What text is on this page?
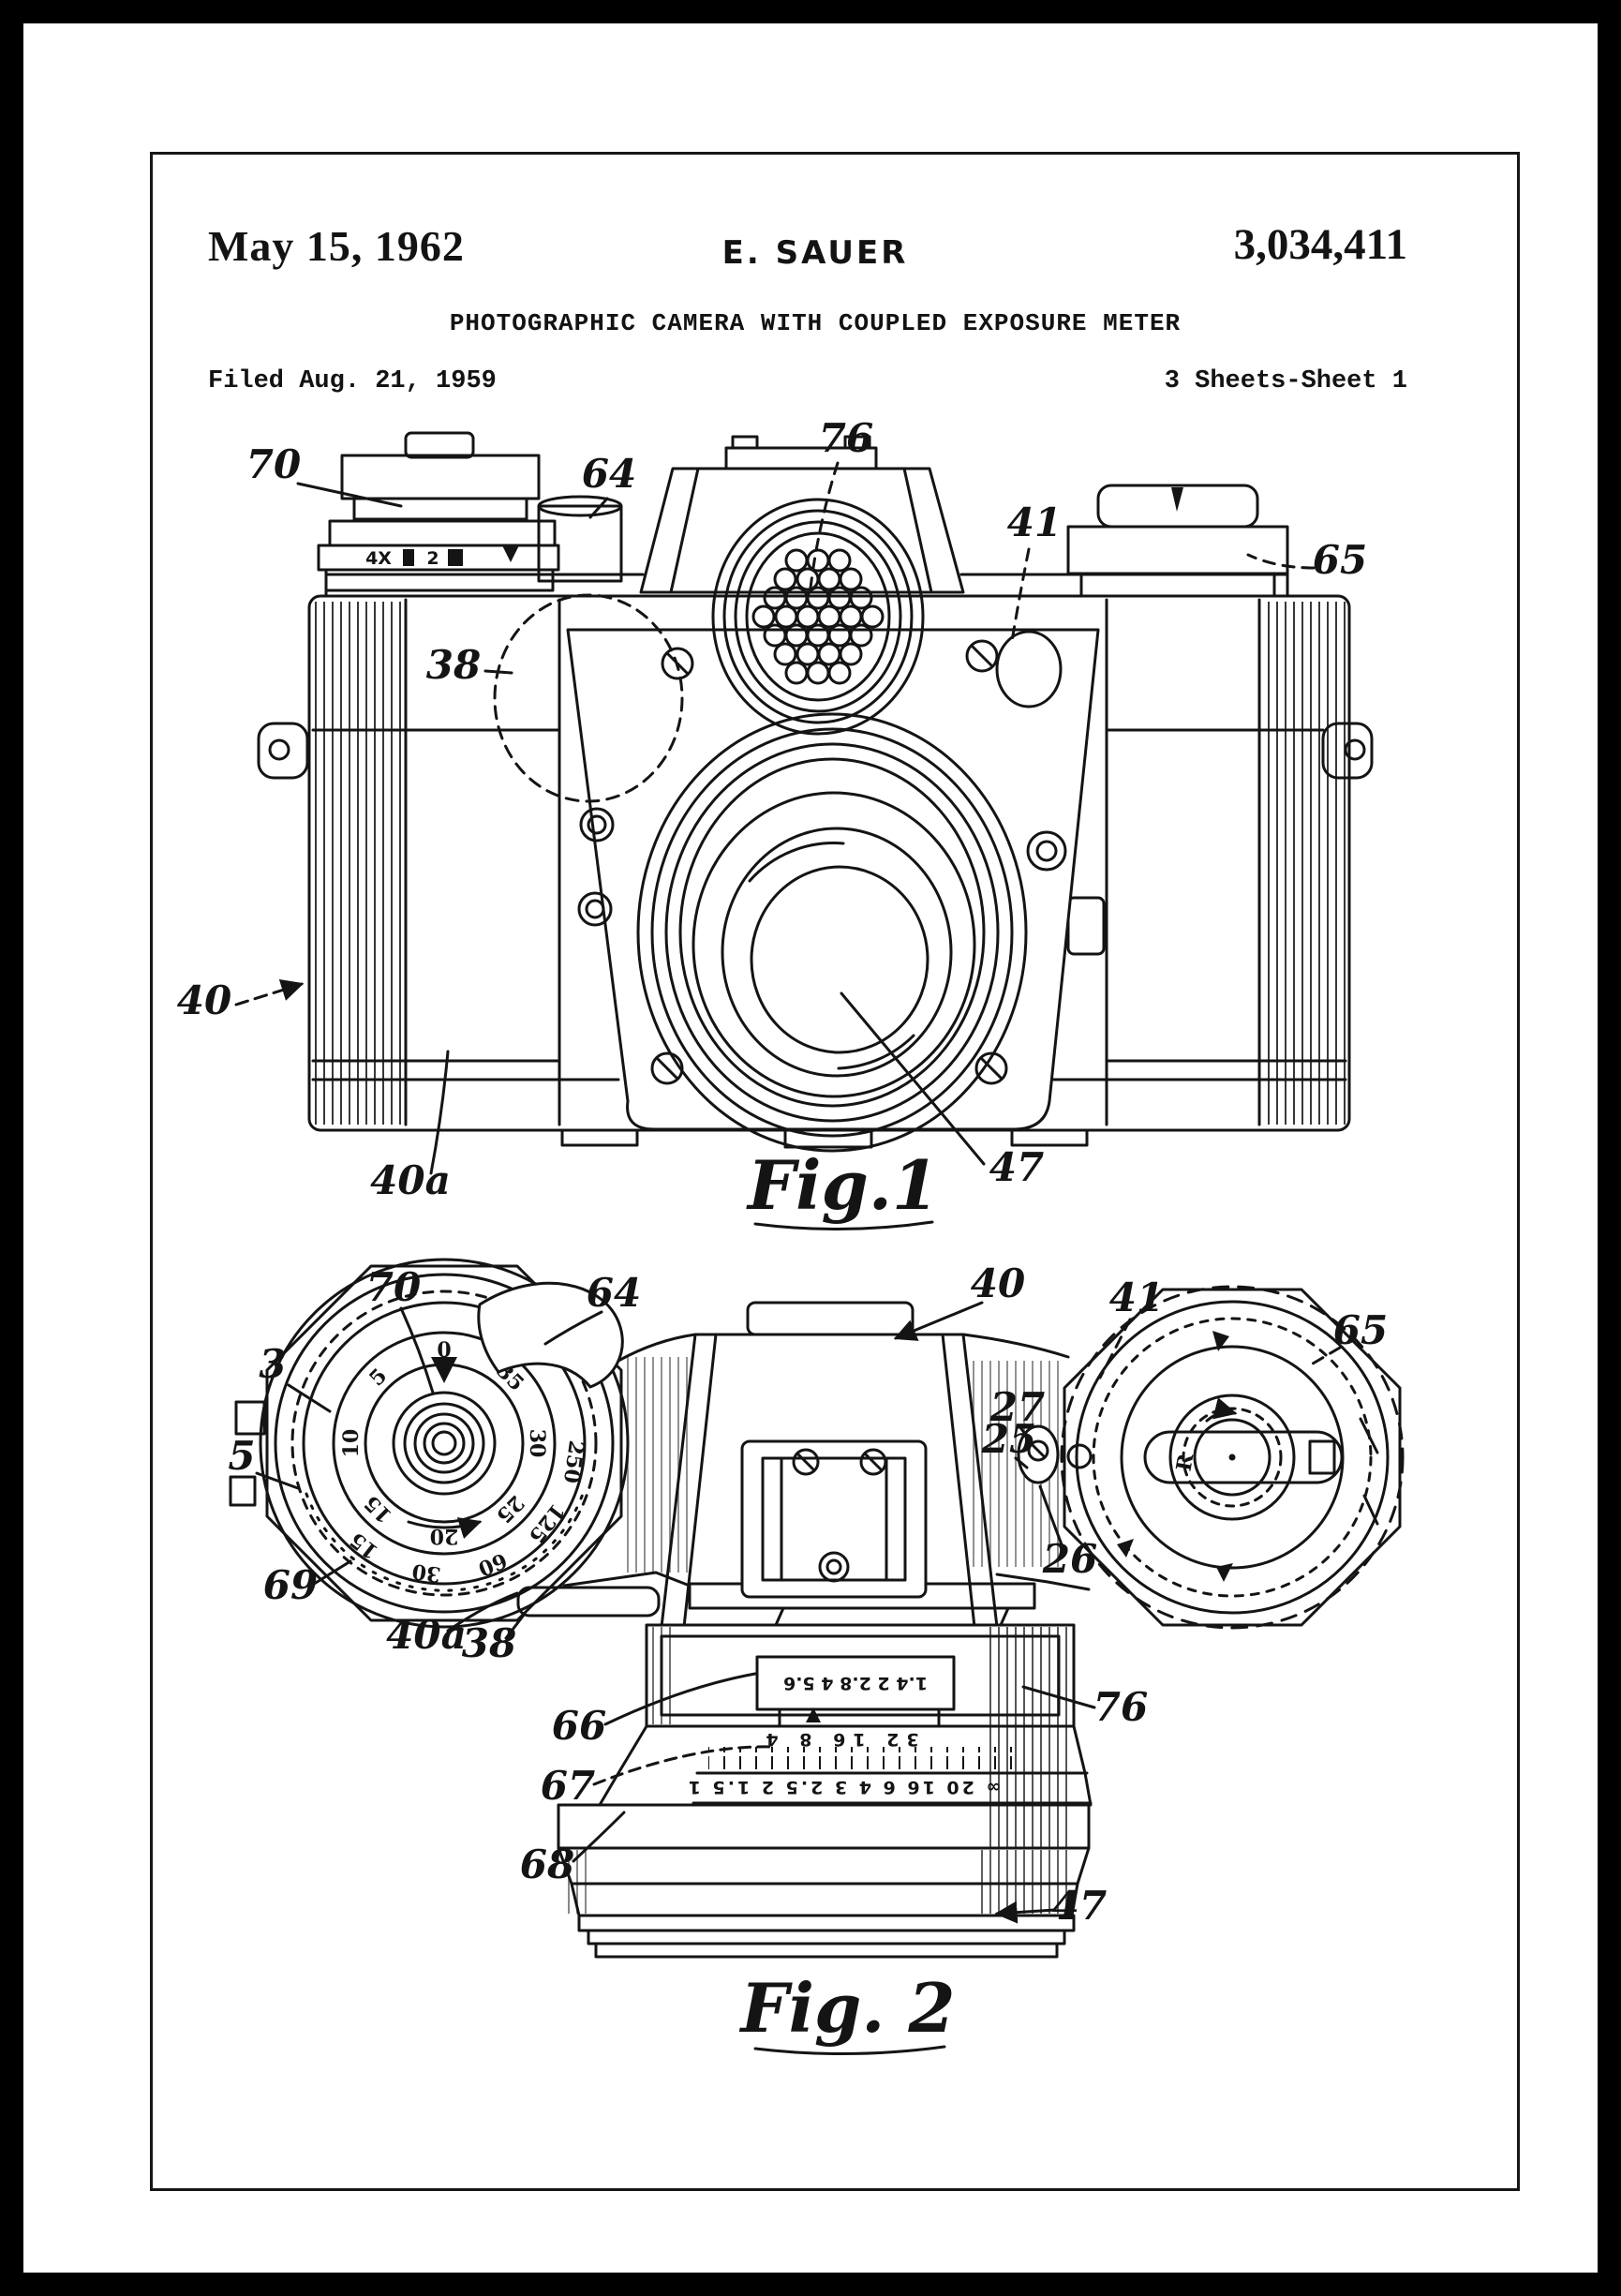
May 15, 1962	E. SAUER	3,034,411
PHOTOGRAPHIC CAMERA WITH COUPLED EXPOSURE METER
Filed Aug. 21, 1959	3 Sheets-Sheet 1
4X 2
70	64
76
41
65
38
40
40a	47
Fig.1
0
35
30
25
20
15
10
5
250
125
60
30
15
R
1.4 2 2.8 4 5.6
32 16 8 4
∞ 20 16 6 4 3 2.5 2 1.5 1
70	64	40 41
65
3
5
27
25
26
69
40a
38
66
67
68
76
47
Fig. 2
